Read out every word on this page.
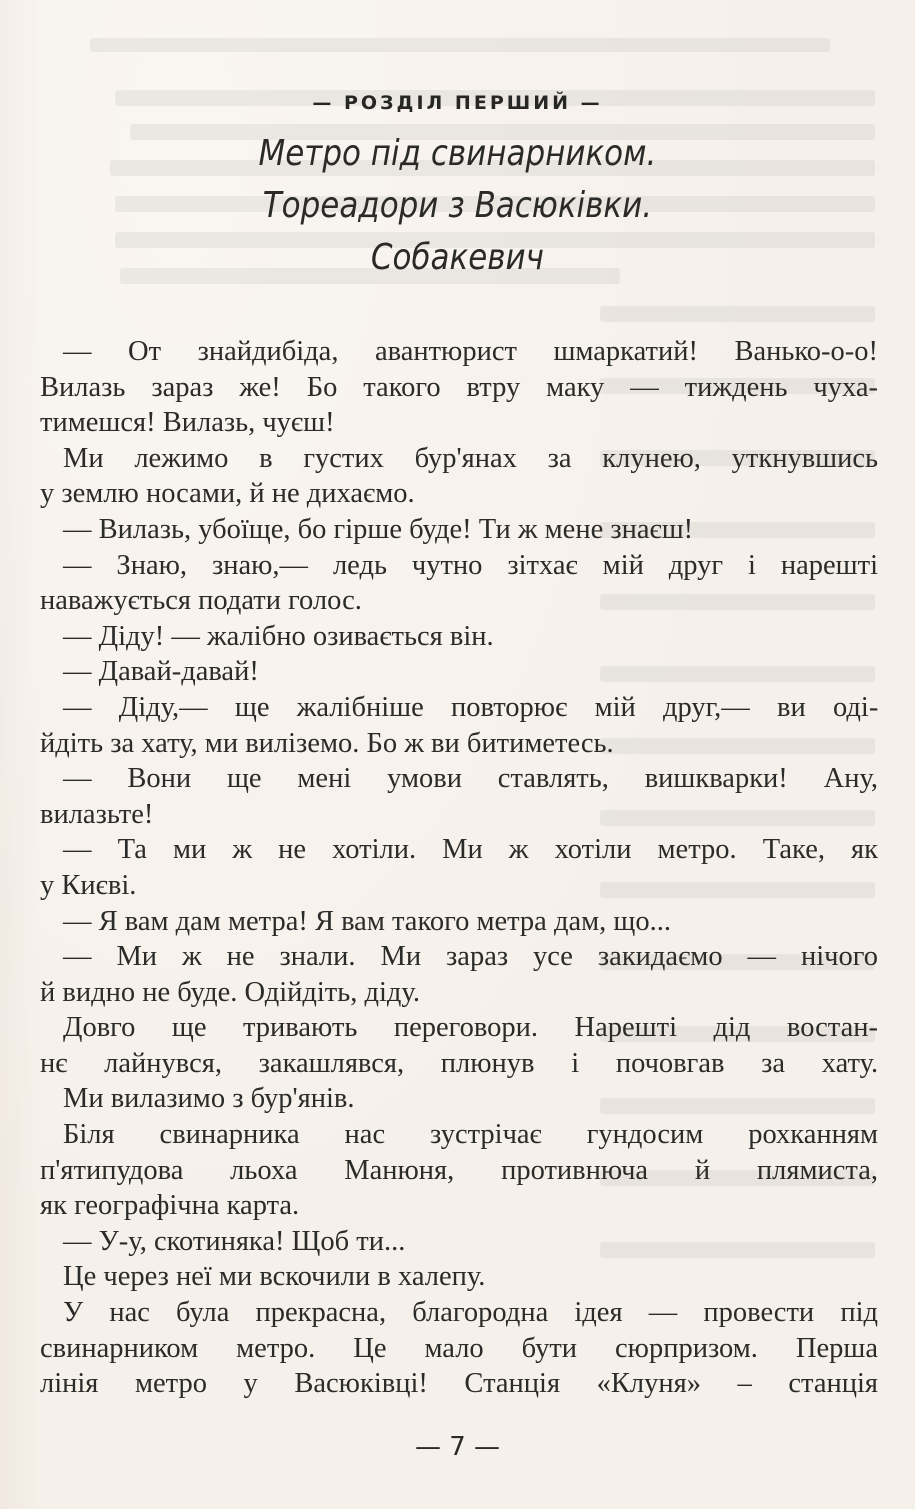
— РОЗДІЛ ПЕРШИЙ —
Метро під свинарником.
Тореадори з Васюківки.
Собакевич
— От знайдибіда, авантюрист шмаркатий! Ванько-о-о!
Вилазь зараз же! Бо такого втру маку — тиждень чуха-
тимешся! Вилазь, чуєш!
Ми лежимо в густих бур'янах за клунею, уткнувшись
у землю носами, й не дихаємо.
— Вилазь, убоїще, бо гірше буде! Ти ж мене знаєш!
— Знаю, знаю,— ледь чутно зітхає мій друг і нарешті
наважується подати голос.
— Діду! — жалібно озивається він.
— Давай-давай!
— Діду,— ще жалібніше повторює мій друг,— ви оді-
йдіть за хату, ми виліземо. Бо ж ви битиметесь.
— Вони ще мені умови ставлять, вишкварки! Ану,
вилазьте!
— Та ми ж не хотіли. Ми ж хотіли метро. Таке, як
у Києві.
— Я вам дам метра! Я вам такого метра дам, що...
— Ми ж не знали. Ми зараз усе закидаємо — нічого
й видно не буде. Одійдіть, діду.
Довго ще тривають переговори. Нарешті дід востан-
нє лайнувся, закашлявся, плюнув і почовгав за хату.
Ми вилазимо з бур'янів.
Біля свинарника нас зустрічає гундосим рохканням
п'ятипудова льоха Манюня, противнюча й плямиста,
як географічна карта.
— У-у, скотиняка! Щоб ти...
Це через неї ми вскочили в халепу.
У нас була прекрасна, благородна ідея — провести під
свинарником метро. Це мало бути сюрпризом. Перша
лінія метро у Васюківці! Станція «Клуня» – станція
— 7 —
